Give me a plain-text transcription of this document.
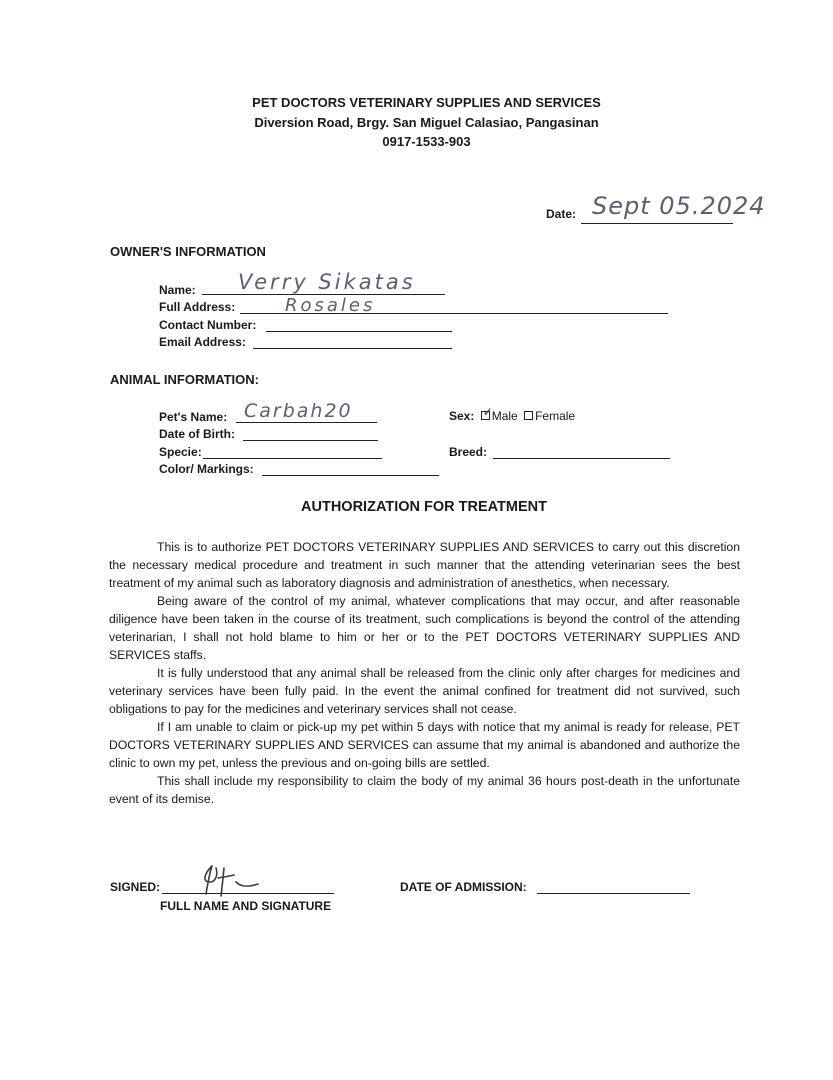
PET DOCTORS VETERINARY SUPPLIES AND SERVICES
Diversion Road, Brgy. San Miguel Calasiao, Pangasinan
0917-1533-903
Date: Sept 05.2024
OWNER'S INFORMATION
Name: Verry Sikatas
Full Address:	Rosales
Contact Number:
Email Address:
ANIMAL INFORMATION:
Pet's Name: Carbah20
Date of Birth:
Specie:
Color/ Markings:
Sex: ✓
Male Female
Breed:
AUTHORIZATION FOR TREATMENT

This is to authorize PET DOCTORS VETERINARY SUPPLIES AND SERVICES to carry out this discretion the necessary medical procedure and treatment in such manner that the attending veterinarian sees the best treatment of my animal such as laboratory diagnosis and administration of anesthetics, when necessary.

Being aware of the control of my animal, whatever complications that may occur, and after reasonable diligence have been taken in the course of its treatment, such complications is beyond the control of the attending veterinarian, I shall not hold blame to him or her or to the PET DOCTORS VETERINARY SUPPLIES AND SERVICES staffs.

It is fully understood that any animal shall be released from the clinic only after charges for medicines and veterinary services have been fully paid. In the event the animal confined for treatment did not survived, such obligations to pay for the medicines and veterinary services shall not cease.

If I am unable to claim or pick-up my pet within 5 days with notice that my animal is ready for release, PET DOCTORS VETERINARY SUPPLIES AND SERVICES can assume that my animal is abandoned and authorize the clinic to own my pet, unless the previous and on-going bills are settled.

This shall include my responsibility to claim the body of my animal 36 hours post-death in the unfortunate event of its demise.

SIGNED:
FULL NAME AND SIGNATURE
DATE OF ADMISSION:
